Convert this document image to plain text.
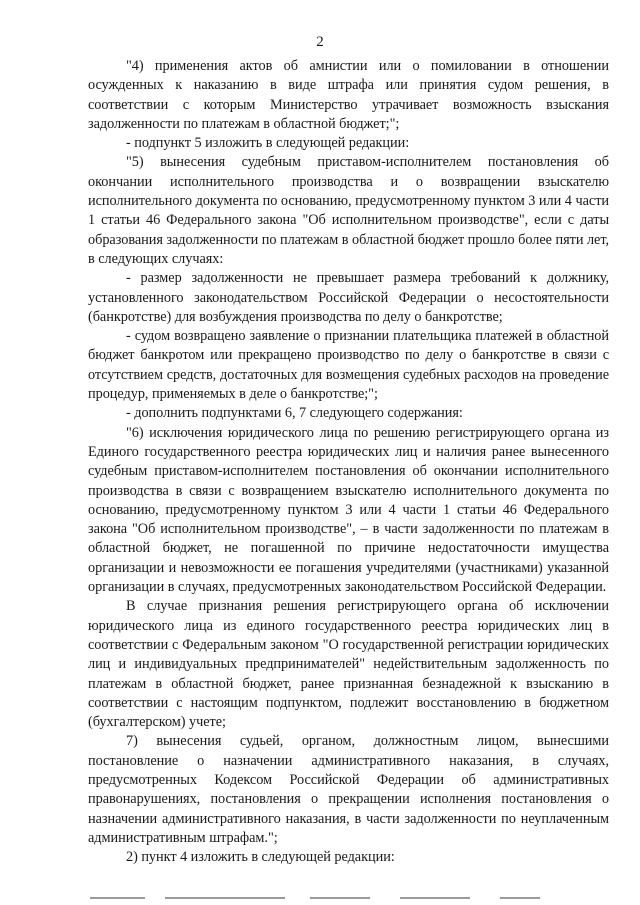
2

"4) применения актов об амнистии или о помиловании в отношении осужденных к наказанию в виде штрафа или принятия судом решения, в соответствии с которым Министерство утрачивает возможность взыскания задолженности по платежам в областной бюджет;";

- подпункт 5 изложить в следующей редакции:

"5) вынесения судебным приставом-исполнителем постановления об окончании исполнительного производства и о возвращении взыскателю исполнительного документа по основанию, предусмотренному пунктом 3 или 4 части 1 статьи 46 Федерального закона "Об исполнительном производстве", если с даты образования задолженности по платежам в областной бюджет прошло более пяти лет, в следующих случаях:

- размер задолженности не превышает размера требований к должнику, установленного законодательством Российской Федерации о несостоятельности (банкротстве) для возбуждения производства по делу о банкротстве;

- судом возвращено заявление о признании плательщика платежей в областной бюджет банкротом или прекращено производство по делу о банкротстве в связи с отсутствием средств, достаточных для возмещения судебных расходов на проведение процедур, применяемых в деле о банкротстве;";

- дополнить подпунктами 6, 7 следующего содержания:

"6) исключения юридического лица по решению регистрирующего органа из Единого государственного реестра юридических лиц и наличия ранее вынесенного судебным приставом-исполнителем постановления об окончании исполнительного производства в связи с возвращением взыскателю исполнительного документа по основанию, предусмотренному пунктом 3 или 4 части 1 статьи 46 Федерального закона "Об исполнительном производстве", – в части задолженности по платежам в областной бюджет, не погашенной по причине недостаточности имущества организации и невозможности ее погашения учредителями (участниками) указанной организации в случаях, предусмотренных законодательством Российской Федерации.

В случае признания решения регистрирующего органа об исключении юридического лица из единого государственного реестра юридических лиц в соответствии с Федеральным законом "О государственной регистрации юридических лиц и индивидуальных предпринимателей" недействительным задолженность по платежам в областной бюджет, ранее признанная безнадежной к взысканию в соответствии с настоящим подпунктом, подлежит восстановлению в бюджетном (бухгалтерском) учете;

7) вынесения судьей, органом, должностным лицом, вынесшими постановление о назначении административного наказания, в случаях, предусмотренных Кодексом Российской Федерации об административных правонарушениях, постановления о прекращении исполнения постановления о назначении административного наказания, в части задолженности по неуплаченным административным штрафам.";

2) пункт 4 изложить в следующей редакции:
